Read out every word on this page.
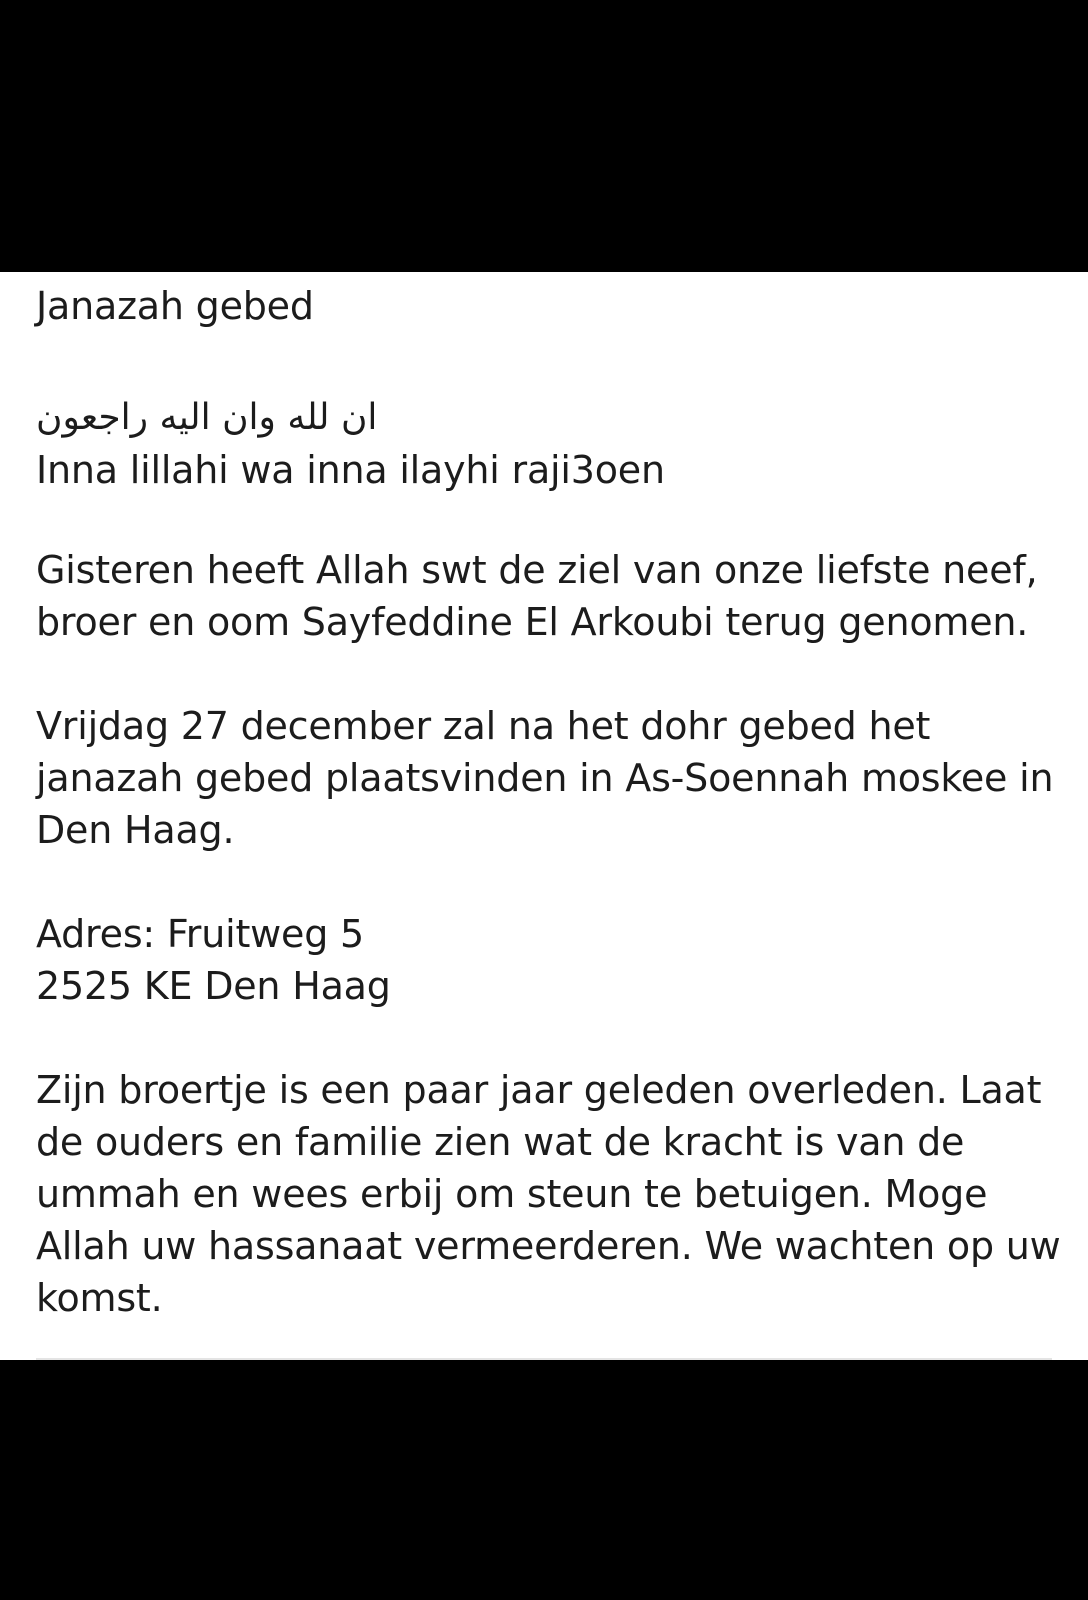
Janazah gebed
ان لله وان اليه راجعون
Inna lillahi wa inna ilayhi raji3oen
Gisteren heeft Allah swt de ziel van onze liefste neef,
broer en oom Sayfeddine El Arkoubi terug genomen.
Vrijdag 27 december zal na het dohr gebed het
janazah gebed plaatsvinden in As-Soennah moskee in
Den Haag.
Adres: Fruitweg 5
2525 KE Den Haag
Zijn broertje is een paar jaar geleden overleden. Laat
de ouders en familie zien wat de kracht is van de
ummah en wees erbij om steun te betuigen. Moge
Allah uw hassanaat vermeerderen. We wachten op uw
komst.
